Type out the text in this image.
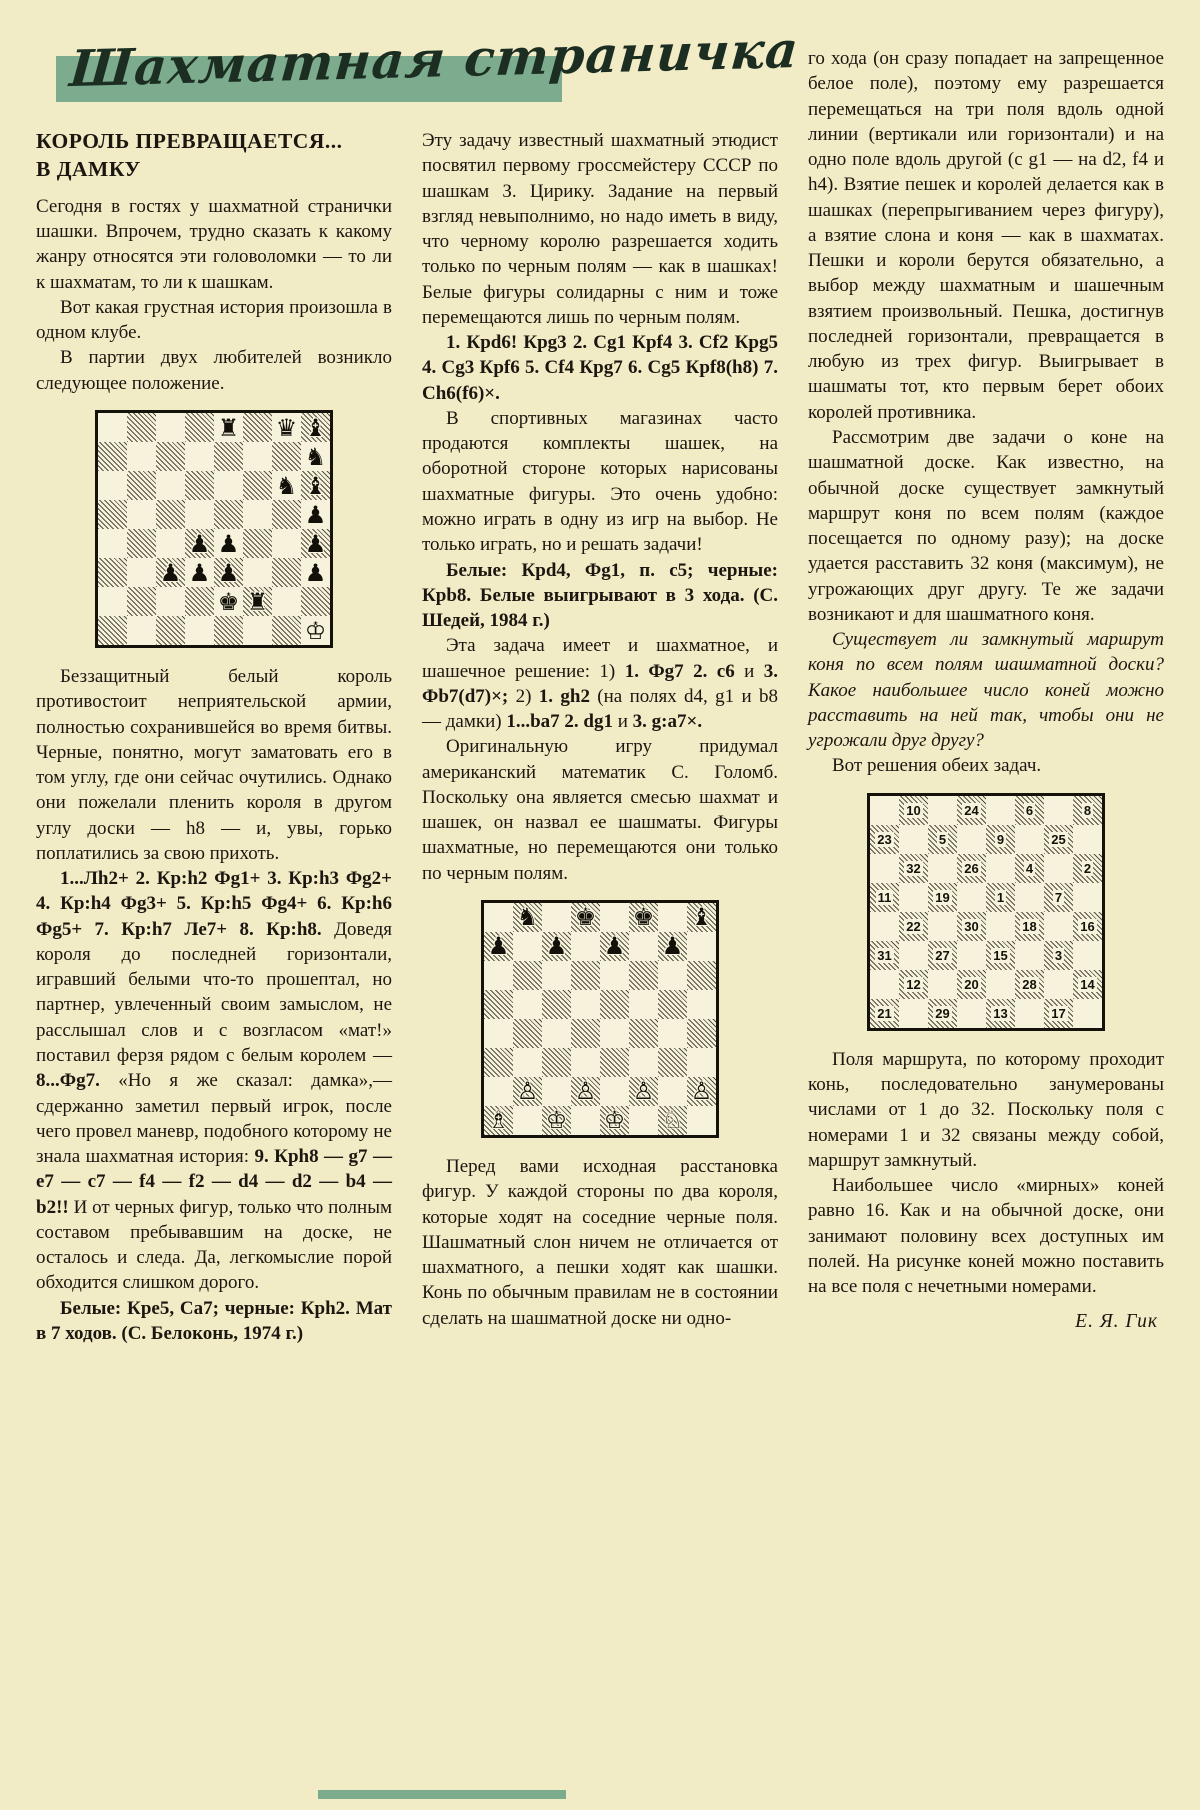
Шахматная страничка
КОРОЛЬ ПРЕВРАЩАЕТСЯ...
В ДАМКУ

Сегодня в гостях у шахматной странички шашки. Впрочем, трудно сказать к какому жанру относятся эти головоломки — то ли к шахматам, то ли к шашкам.

Вот какая грустная история произошла в одном клубе.

В партии двух любителей возникло следующее положение.

♜ ♛ ♝
♞
♞ ♝
♟
♟ ♟	♟
♟ ♟ ♟	♟
♚ ♜
♔

Беззащитный белый король противостоит неприятельской армии, полностью сохранившейся во время битвы. Черные, понятно, могут заматовать его в том углу, где они сейчас очутились. Однако они пожелали пленить короля в другом углу доски — h8 — и, увы, горько поплатились за свою прихоть.

1...Лh2+ 2. Кр:h2 Фg1+ 3. Кр:h3 Фg2+ 4. Кр:h4 Фg3+ 5. Кр:h5 Фg4+ 6. Кр:h6 Фg5+ 7. Кр:h7 Ле7+ 8. Кр:h8. Доведя короля до последней горизонтали, игравший белыми что-то прошептал, но партнер, увлеченный своим замыслом, не расслышал слов и с возгласом «мат!» поставил ферзя рядом с белым королем — 8...Фg7. «Но я же сказал: дамка»,— сдержанно заметил первый игрок, после чего провел маневр, подобного которому не знала шахматная история: 9. Крh8 — g7 — e7 — c7 — f4 — f2 — d4 — d2 — b4 — b2!! И от черных фигур, только что полным составом пребывавшим на доске, не осталось и следа. Да, легкомыслие порой обходится слишком дорого.

Белые: Кре5, Са7; черные: Крh2. Мат в 7 ходов. (С. Белоконь, 1974 г.)

Эту задачу известный шахматный этюдист посвятил первому гроссмейстеру СССР по шашкам З. Цирику. Задание на первый взгляд невыполнимо, но надо иметь в виду, что черному королю разрешается ходить только по черным полям — как в шашках! Белые фигуры солидарны с ним и тоже перемещаются лишь по черным полям.

1. Крd6! Крg3 2. Сg1 Крf4 3. Сf2 Крg5 4. Сg3 Крf6 5. Сf4 Крg7 6. Сg5 Крf8(h8) 7. Сh6(f6)×.

В спортивных магазинах часто продаются комплекты шашек, на оборотной стороне которых нарисованы шахматные фигуры. Это очень удобно: можно играть в одну из игр на выбор. Не только играть, но и решать задачи!

Белые: Крd4, Фg1, п. c5; черные: Крb8. Белые выигрывают в 3 хода. (С. Шедей, 1984 г.)

Эта задача имеет и шахматное, и шашечное решение: 1) 1. Фg7 2. c6 и 3. Фb7(d7)×; 2) 1. gh2 (на полях d4, g1 и b8 — дамки) 1...ba7 2. dg1 и 3. g:a7×.

Оригинальную игру придумал американский математик С. Голомб. Поскольку она является смесью шахмат и шашек, он назвал ее шашматы. Фигуры шахматные, но перемещаются они только по черным полям.

♞ ♚ ♚ ♝
♟ ♟ ♟ ♟
♙ ♙ ♙ ♙
♗ ♔ ♔ ♘

Перед вами исходная расстановка фигур. У каждой стороны по два короля, которые ходят на соседние черные поля. Шашматный слон ничем не отличается от шахматного, а пешки ходят как шашки. Конь по обычным правилам не в состоянии сделать на шашматной доске ни одно-

го хода (он сразу попадает на запрещенное белое поле), поэтому ему разрешается перемещаться на три поля вдоль одной линии (вертикали или горизонтали) и на одно поле вдоль другой (с g1 — на d2, f4 и h4). Взятие пешек и королей делается как в шашках (перепрыгиванием через фигуру), а взятие слона и коня — как в шахматах. Пешки и короли берутся обязательно, а выбор между шахматным и шашечным взятием произвольный. Пешка, достигнув последней горизонтали, превращается в любую из трех фигур. Выигрывает в шашматы тот, кто первым берет обоих королей противника.

Рассмотрим две задачи о коне на шашматной доске. Как известно, на обычной доске существует замкнутый маршрут коня по всем полям (каждое посещается по одному разу); на доске удается расставить 32 коня (максимум), не угрожающих друг другу. Те же задачи возникают и для шашматного коня.

Существует ли замкнутый маршрут коня по всем полям шашматной доски? Какое наибольшее число коней можно расставить на ней так, чтобы они не угрожали друг другу?

Вот решения обеих задач.

10	24	6	8
23	5	9	25
32	26	4	2
11	19	1	7
22	30	18	16
31	27	15	3
12	20	28	14
21	29	13	17

Поля маршрута, по которому проходит конь, последовательно занумерованы числами от 1 до 32. Поскольку поля с номерами 1 и 32 связаны между собой, маршрут замкнутый.

Наибольшее число «мирных» коней равно 16. Как и на обычной доске, они занимают половину всех доступных им полей. На рисунке коней можно поставить на все поля с нечетными номерами.

Е. Я. Гик
